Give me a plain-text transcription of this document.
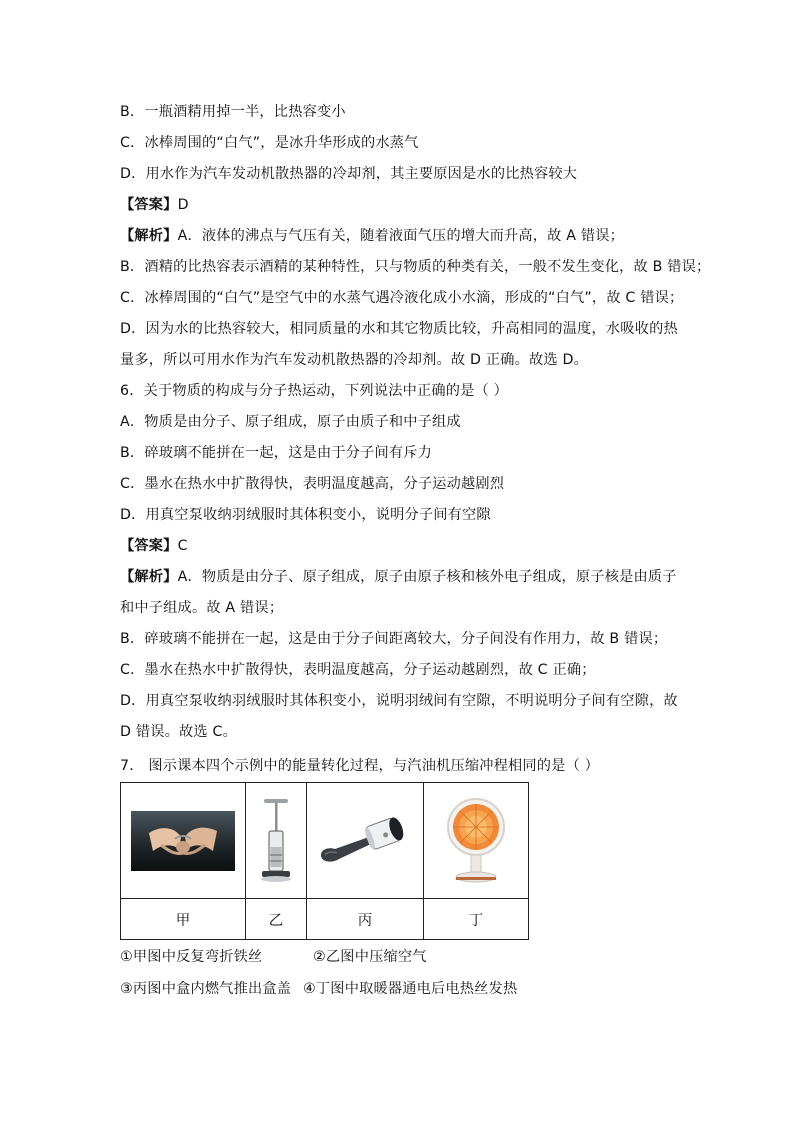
B．一瓶酒精用掉一半，比热容变小
C．冰棒周围的“白气”，是冰升华形成的水蒸气
D．用水作为汽车发动机散热器的冷却剂，其主要原因是水的比热容较大
【答案】D
【解析】A．液体的沸点与气压有关，随着液面气压的增大而升高，故 A 错误；
B．酒精的比热容表示酒精的某种特性，只与物质的种类有关，一般不发生变化，故 B 错误；
C．冰棒周围的“白气”是空气中的水蒸气遇冷液化成小水滴，形成的“白气”，故 C 错误；
D．因为水的比热容较大，相同质量的水和其它物质比较，升高相同的温度，水吸收的热
量多，所以可用水作为汽车发动机散热器的冷却剂。故 D 正确。故选 D。
6．关于物质的构成与分子热运动，下列说法中正确的是（ ）
A．物质是由分子、原子组成，原子由质子和中子组成
B．碎玻璃不能拼在一起，这是由于分子间有斥力
C．墨水在热水中扩散得快，表明温度越高，分子运动越剧烈
D．用真空泵收纳羽绒服时其体积变小，说明分子间有空隙
【答案】C
【解析】A．物质是由分子、原子组成，原子由原子核和核外电子组成，原子核是由质子
和中子组成。故 A 错误；
B．碎玻璃不能拼在一起，这是由于分子间距离较大，分子间没有作用力，故 B 错误；
C．墨水在热水中扩散得快，表明温度越高，分子运动越剧烈，故 C 正确；
D．用真空泵收纳羽绒服时其体积变小，说明羽绒间有空隙，不明说明分子间有空隙，故
D 错误。故选 C。
7． 图示课本四个示例中的能量转化过程，与汽油机压缩冲程相同的是（ ）

甲	乙	丙	丁
①甲图中反复弯折铁丝	②乙图中压缩空气
③丙图中盒内燃气推出盒盖 ④丁图中取暖器通电后电热丝发热
